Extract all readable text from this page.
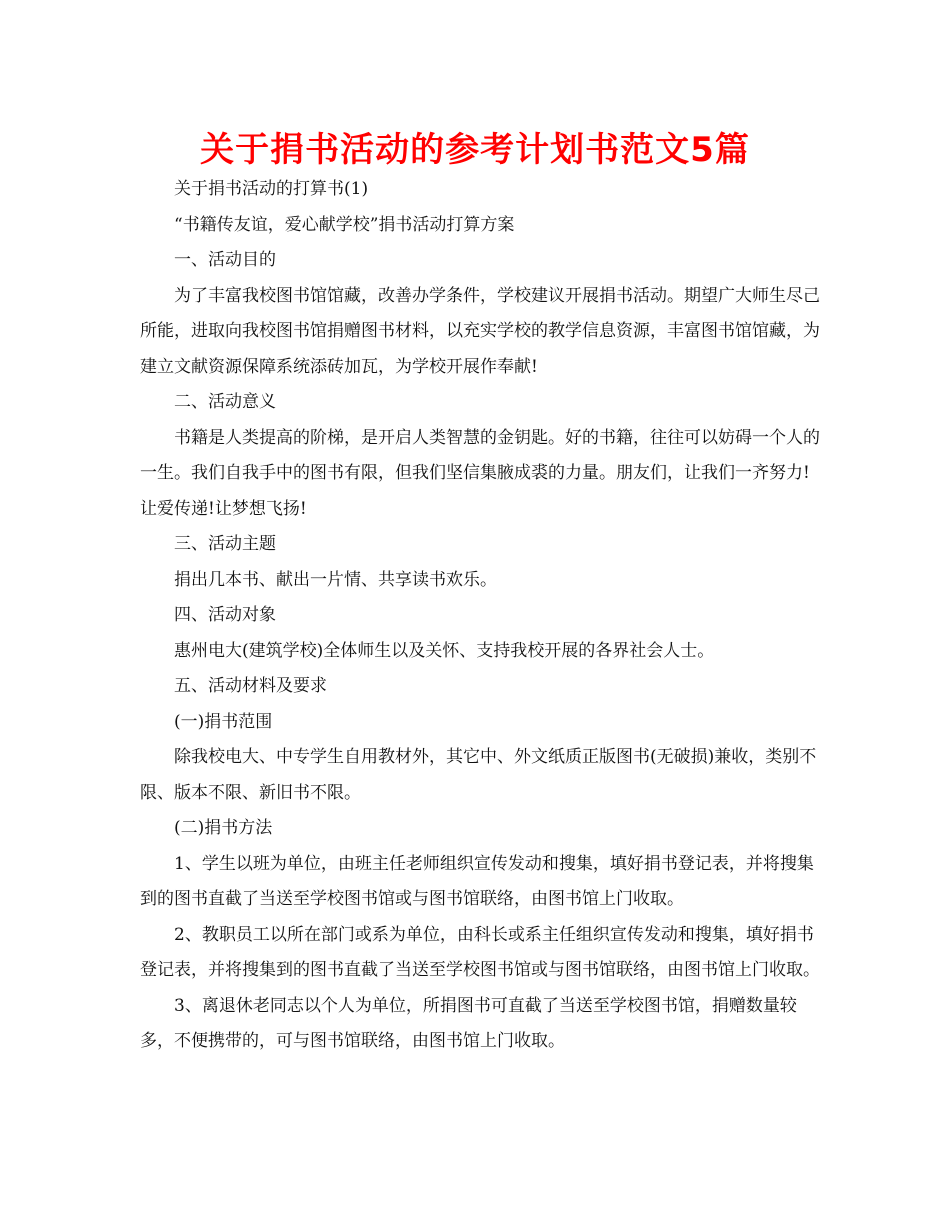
关于捐书活动的参考计划书范文5篇

关于捐书活动的打算书(1)

“书籍传友谊，爱心献学校”捐书活动打算方案

一、活动目的

为了丰富我校图书馆馆藏，改善办学条件，学校建议开展捐书活动。期望广大师生尽己所能，进取向我校图书馆捐赠图书材料，以充实学校的教学信息资源，丰富图书馆馆藏，为建立文献资源保障系统添砖加瓦，为学校开展作奉献!

二、活动意义

书籍是人类提高的阶梯，是开启人类智慧的金钥匙。好的书籍，往往可以妨碍一个人的一生。我们自我手中的图书有限，但我们坚信集腋成裘的力量。朋友们，让我们一齐努力!让爱传递!让梦想飞扬!

三、活动主题

捐出几本书、献出一片情、共享读书欢乐。

四、活动对象

惠州电大(建筑学校)全体师生以及关怀、支持我校开展的各界社会人士。

五、活动材料及要求

(一)捐书范围

除我校电大、中专学生自用教材外，其它中、外文纸质正版图书(无破损)兼收，类别不限、版本不限、新旧书不限。

(二)捐书方法

1、学生以班为单位，由班主任老师组织宣传发动和搜集，填好捐书登记表，并将搜集到的图书直截了当送至学校图书馆或与图书馆联络，由图书馆上门收取。

2、教职员工以所在部门或系为单位，由科长或系主任组织宣传发动和搜集，填好捐书登记表，并将搜集到的图书直截了当送至学校图书馆或与图书馆联络，由图书馆上门收取。

3、离退休老同志以个人为单位，所捐图书可直截了当送至学校图书馆，捐赠数量较多，不便携带的，可与图书馆联络，由图书馆上门收取。
